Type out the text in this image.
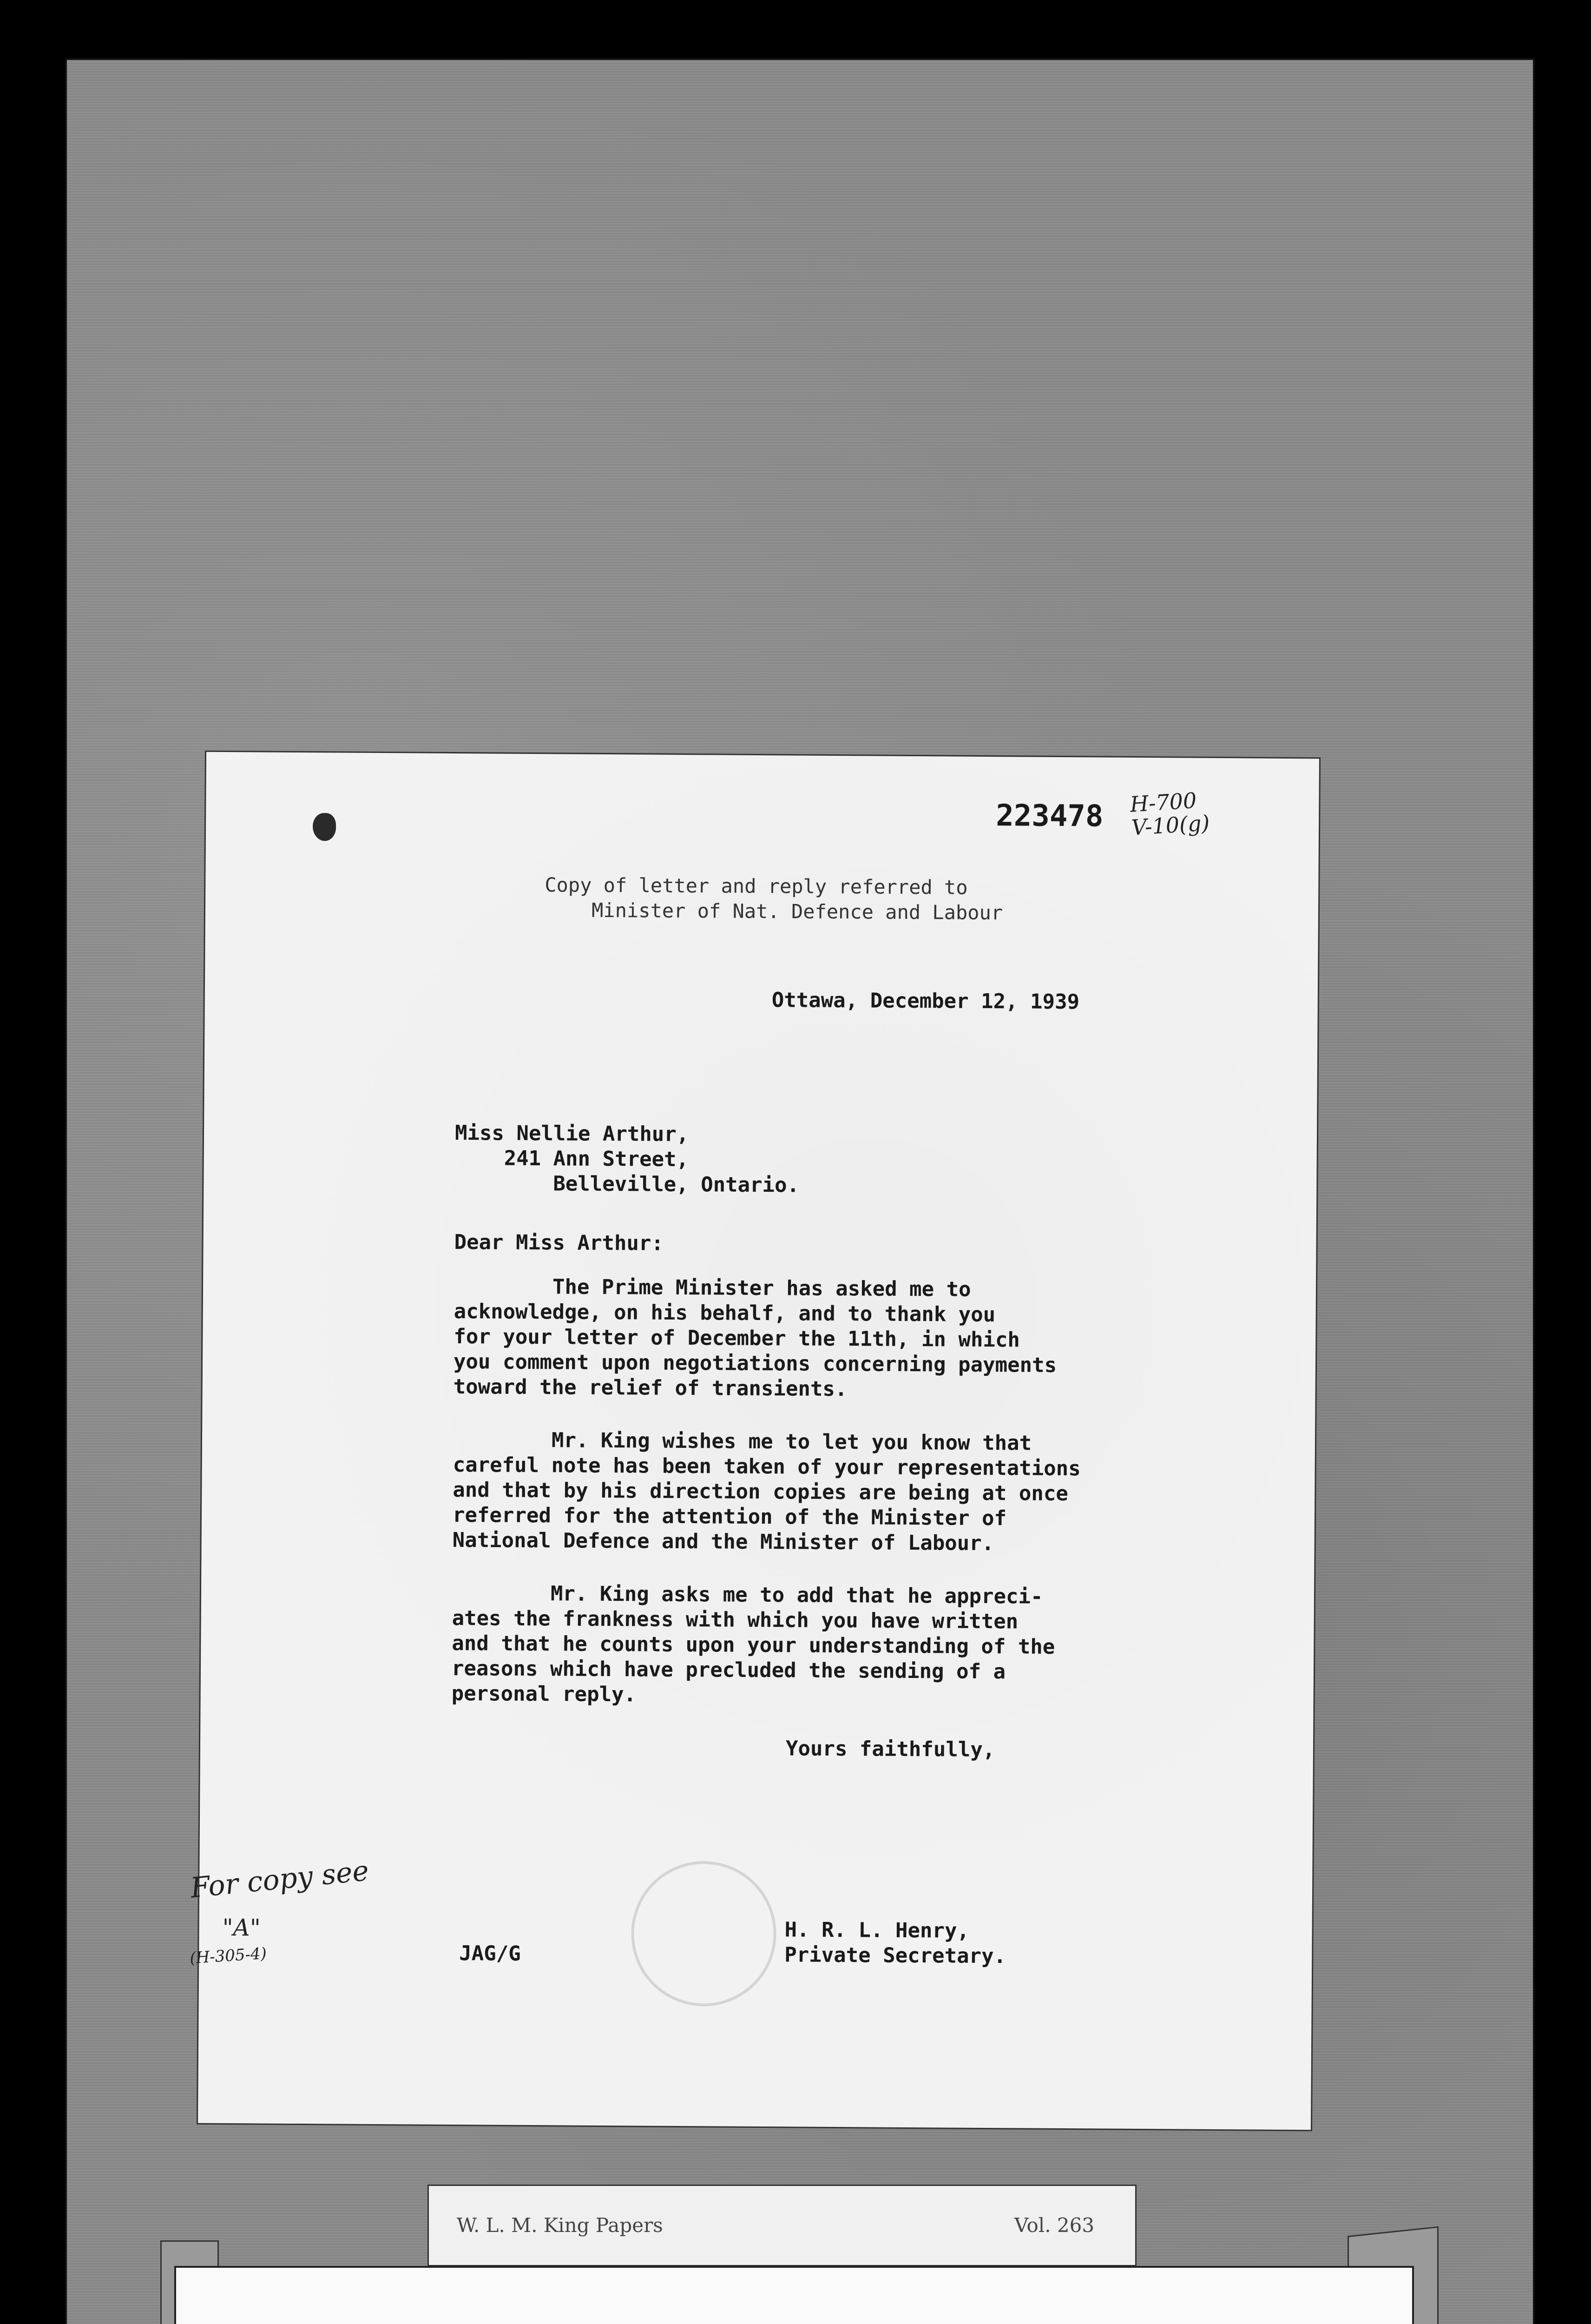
223478 H-700
V-10(g)
Copy of letter and reply referred to
Minister of Nat. Defence and Labour
Ottawa, December 12, 1939
Miss Nellie Arthur,
241 Ann Street,
Belleville, Ontario.
Dear Miss Arthur:
The Prime Minister has asked me to
acknowledge, on his behalf, and to thank you
for your letter of December the 11th, in which
you comment upon negotiations concerning payments
toward the relief of transients.
Mr. King wishes me to let you know that
careful note has been taken of your representations
and that by his direction copies are being at once
referred for the attention of the Minister of
National Defence and the Minister of Labour.
Mr. King asks me to add that he appreci-
ates the frankness with which you have written
and that he counts upon your understanding of the
reasons which have precluded the sending of a
personal reply.
Yours faithfully,
H. R. L. Henry,
Private Secretary.
JAG/G
For copy see
"A"
(H-305-4)
W. L. M. King Papers	Vol. 263
